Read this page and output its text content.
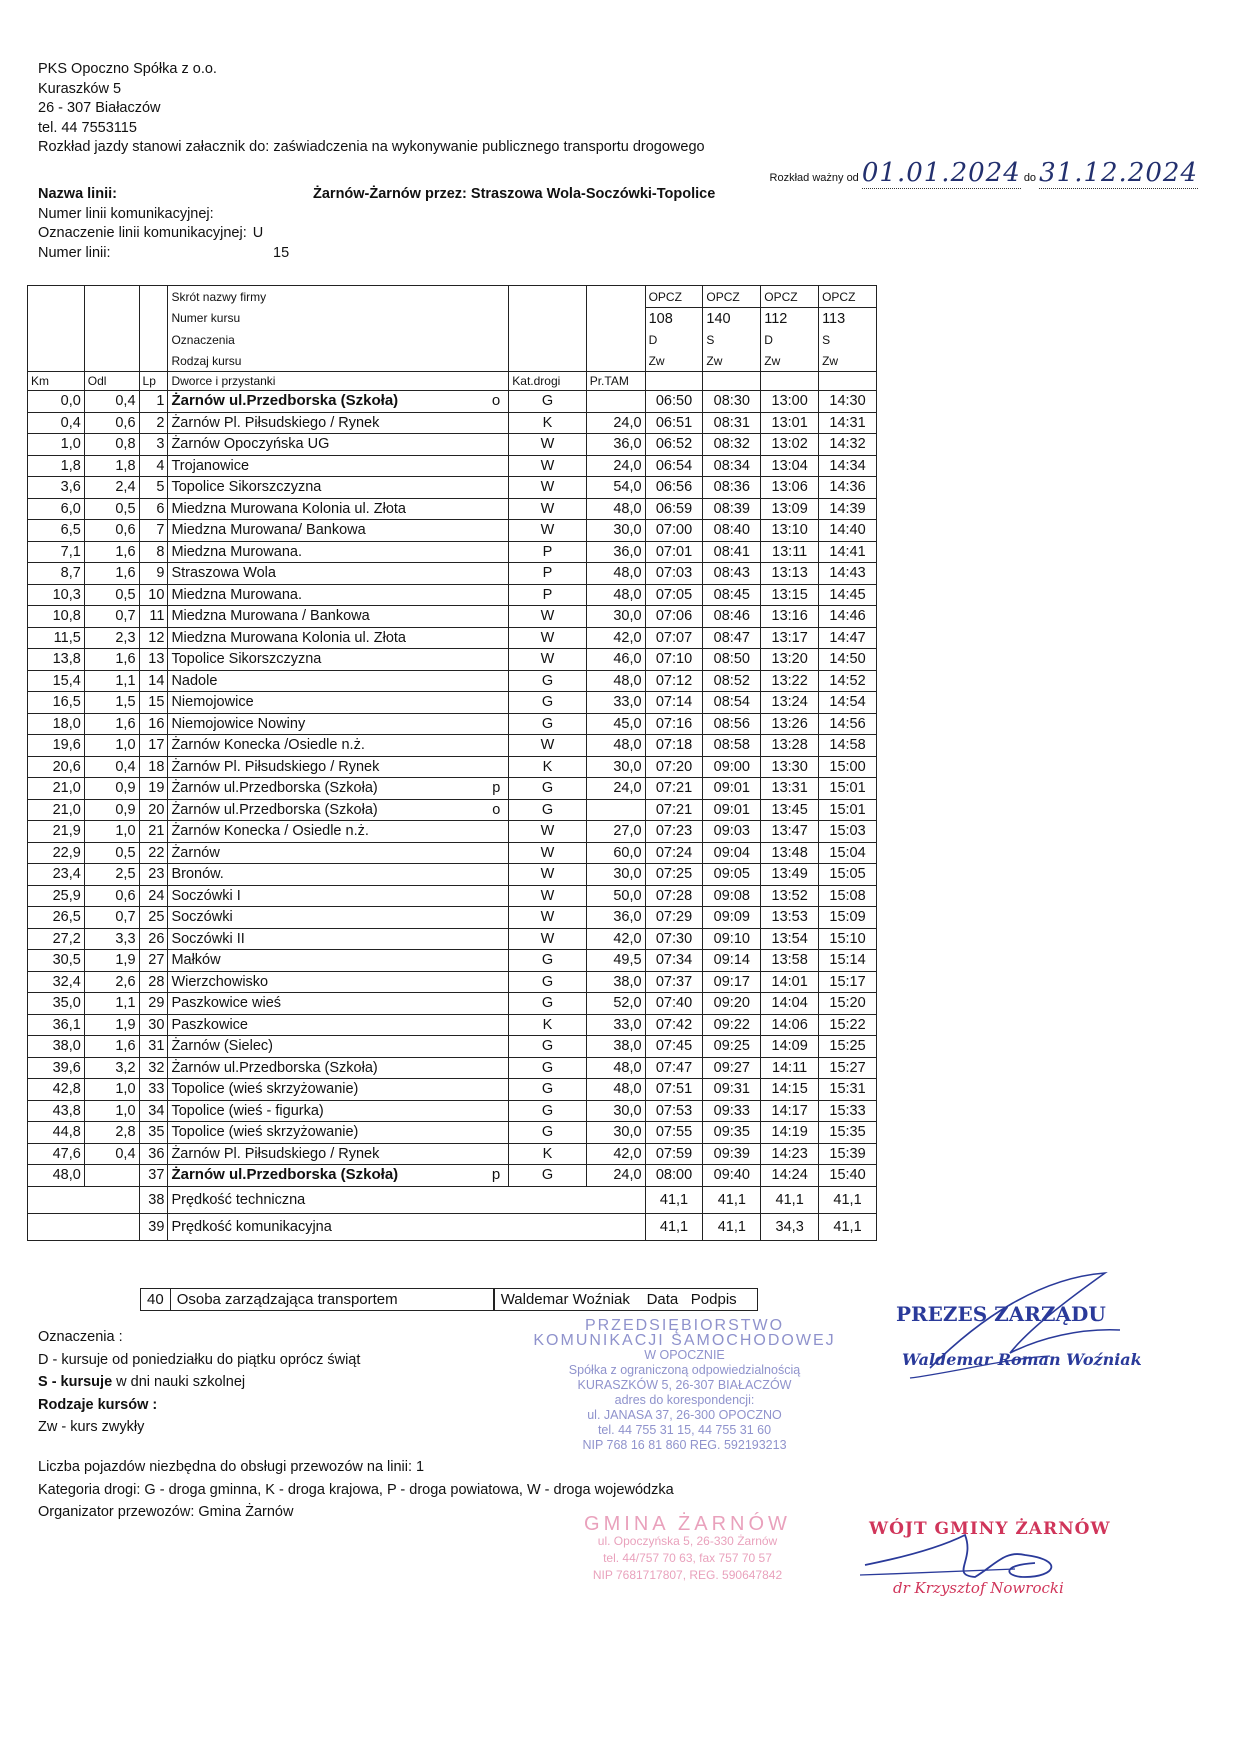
PKS Opoczno Spółka z o.o.
Kuraszków 5
26 - 307 Białaczów
tel. 44 7553115
Rozkład jazdy stanowi załacznik do: zaświadczenia na wykonywanie publicznego transportu drogowego
Rozkład ważny od 01.01.2024 do 31.12.2024
Nazwa linii:	Żarnów-Żarnów przez: Straszowa Wola-Soczówki-Topolice
Numer linii komunikacyjnej:
Oznaczenie linii komunikacyjnej: U
Numer linii:	15
			Skrót nazwy firmy			OPCZ	OPCZ	OPCZ	OPCZ
			Numer kursu			108	140	112	113
			Oznaczenia			D	S	D	S
			Rodzaj kursu			Zw	Zw	Zw	Zw
Km	Odl	Lp	Dworce i przystanki	Kat.drogi	Pr.TAM				
0,0	0,4	1	Żarnów ul.Przedborska (Szkoła) o	G		06:50	08:30	13:00	14:30
0,4	0,6	2	Żarnów Pl. Piłsudskiego / Rynek	K	24,0	06:51	08:31	13:01	14:31
1,0	0,8	3	Żarnów Opoczyńska UG	W	36,0	06:52	08:32	13:02	14:32
1,8	1,8	4	Trojanowice	W	24,0	06:54	08:34	13:04	14:34
3,6	2,4	5	Topolice Sikorszczyzna	W	54,0	06:56	08:36	13:06	14:36
6,0	0,5	6	Miedzna Murowana Kolonia ul. Złota	W	48,0	06:59	08:39	13:09	14:39
6,5	0,6	7	Miedzna Murowana/ Bankowa	W	30,0	07:00	08:40	13:10	14:40
7,1	1,6	8	Miedzna Murowana.	P	36,0	07:01	08:41	13:11	14:41
8,7	1,6	9	Straszowa Wola	P	48,0	07:03	08:43	13:13	14:43
10,3	0,5	10	Miedzna Murowana.	P	48,0	07:05	08:45	13:15	14:45
10,8	0,7	11	Miedzna Murowana / Bankowa	W	30,0	07:06	08:46	13:16	14:46
11,5	2,3	12	Miedzna Murowana Kolonia ul. Złota	W	42,0	07:07	08:47	13:17	14:47
13,8	1,6	13	Topolice Sikorszczyzna	W	46,0	07:10	08:50	13:20	14:50
15,4	1,1	14	Nadole	G	48,0	07:12	08:52	13:22	14:52
16,5	1,5	15	Niemojowice	G	33,0	07:14	08:54	13:24	14:54
18,0	1,6	16	Niemojowice Nowiny	G	45,0	07:16	08:56	13:26	14:56
19,6	1,0	17	Żarnów Konecka /Osiedle n.ż.	W	48,0	07:18	08:58	13:28	14:58
20,6	0,4	18	Żarnów Pl. Piłsudskiego / Rynek	K	30,0	07:20	09:00	13:30	15:00
21,0	0,9	19	Żarnów ul.Przedborska (Szkoła) p	G	24,0	07:21	09:01	13:31	15:01
21,0	0,9	20	Żarnów ul.Przedborska (Szkoła) o	G		07:21	09:01	13:45	15:01
21,9	1,0	21	Żarnów Konecka / Osiedle n.ż.	W	27,0	07:23	09:03	13:47	15:03
22,9	0,5	22	Żarnów	W	60,0	07:24	09:04	13:48	15:04
23,4	2,5	23	Bronów.	W	30,0	07:25	09:05	13:49	15:05
25,9	0,6	24	Soczówki I	W	50,0	07:28	09:08	13:52	15:08
26,5	0,7	25	Soczówki	W	36,0	07:29	09:09	13:53	15:09
27,2	3,3	26	Soczówki II	W	42,0	07:30	09:10	13:54	15:10
30,5	1,9	27	Małków	G	49,5	07:34	09:14	13:58	15:14
32,4	2,6	28	Wierzchowisko	G	38,0	07:37	09:17	14:01	15:17
35,0	1,1	29	Paszkowice wieś	G	52,0	07:40	09:20	14:04	15:20
36,1	1,9	30	Paszkowice	K	33,0	07:42	09:22	14:06	15:22
38,0	1,6	31	Żarnów (Sielec)	G	38,0	07:45	09:25	14:09	15:25
39,6	3,2	32	Żarnów ul.Przedborska (Szkoła)	G	48,0	07:47	09:27	14:11	15:27
42,8	1,0	33	Topolice (wieś skrzyżowanie)	G	48,0	07:51	09:31	14:15	15:31
43,8	1,0	34	Topolice (wieś - figurka)	G	30,0	07:53	09:33	14:17	15:33
44,8	2,8	35	Topolice (wieś skrzyżowanie)	G	30,0	07:55	09:35	14:19	15:35
47,6	0,4	36	Żarnów Pl. Piłsudskiego / Rynek	K	42,0	07:59	09:39	14:23	15:39
48,0		37	Żarnów ul.Przedborska (Szkoła) p	G	24,0	08:00	09:40	14:24	15:40
		38	Prędkość techniczna			41,1	41,1	41,1	41,1
		39	Prędkość komunikacyjna			41,1	41,1	34,3	41,1
40	Osoba zarządzająca transportem	Waldemar Woźniak Data Podpis
Oznaczenia :
D - kursuje od poniedziałku do piątku oprócz świąt
S - kursuje w dni nauki szkolnej
Rodzaje kursów :
Zw - kurs zwykły
Liczba pojazdów niezbędna do obsługi przewozów na linii: 1
Kategoria drogi: G - droga gminna, K - droga krajowa, P - droga powiatowa, W - droga wojewódzka
Organizator przewozów: Gmina Żarnów
PRZEDSIĘBIORSTWO
KOMUNIKACJI SAMOCHODOWEJ
W OPOCZNIE
Spółka z ograniczoną odpowiedzialnością
KURASZKÓW 5, 26-307 BIAŁACZÓW
adres do korespondencji:
ul. JANASA 37, 26-300 OPOCZNO
tel. 44 755 31 15, 44 755 31 60
NIP 768 16 81 860 REG. 592193213
GMINA ŻARNÓW
ul. Opoczyńska 5, 26-330 Żarnów
tel. 44/757 70 63, fax 757 70 57
NIP 7681717807, REG. 590647842
PREZES ZARZĄDU
Waldemar Roman Woźniak
WÓJT GMINY ŻARNÓW
dr Krzysztof Nowrocki
